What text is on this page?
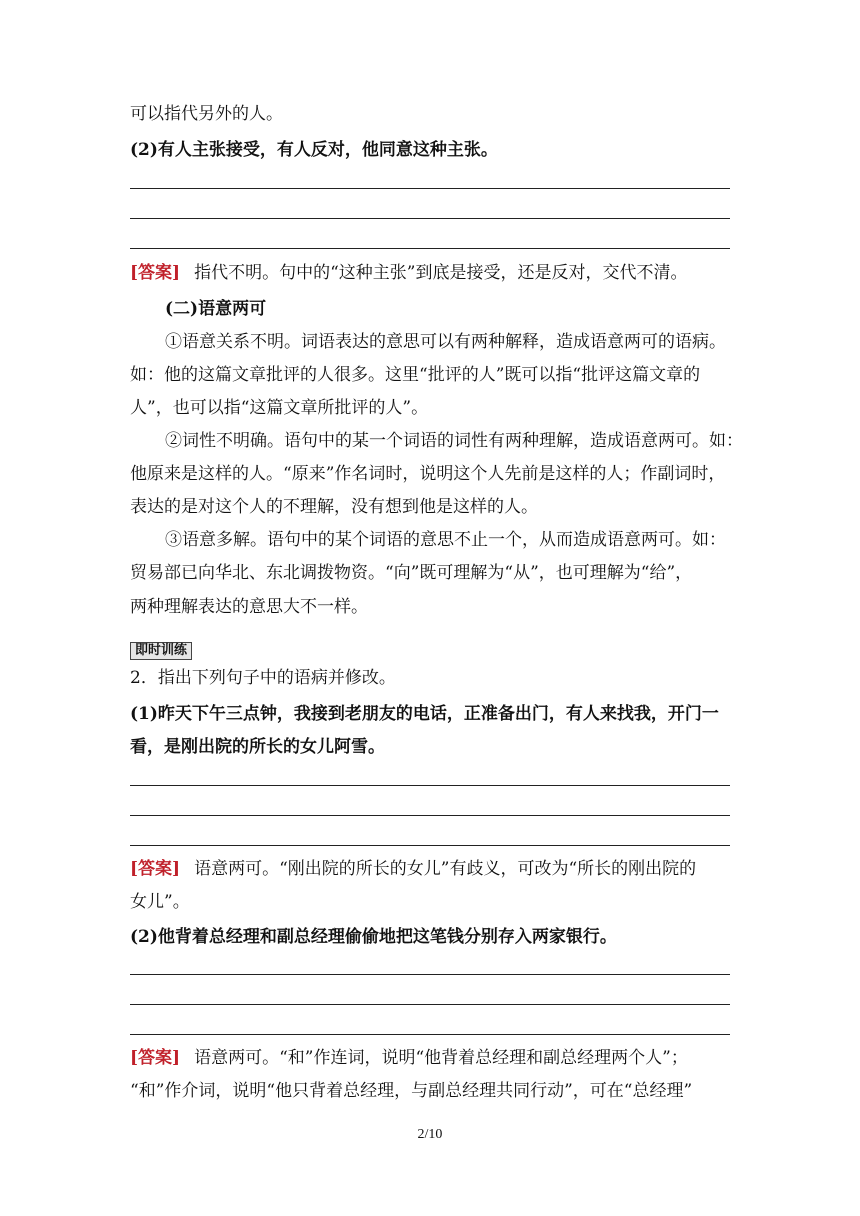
可以指代另外的人。
(2)有人主张接受，有人反对，他同意这种主张。
[答案] 指代不明。句中的“这种主张”到底是接受，还是反对，交代不清。
(二)语意两可
①语意关系不明。词语表达的意思可以有两种解释，造成语意两可的语病。
如：他的这篇文章批评的人很多。这里“批评的人”既可以指“批评这篇文章的
人”，也可以指“这篇文章所批评的人”。
②词性不明确。语句中的某一个词语的词性有两种理解，造成语意两可。如：
他原来是这样的人。“原来”作名词时，说明这个人先前是这样的人；作副词时，
表达的是对这个人的不理解，没有想到他是这样的人。
③语意多解。语句中的某个词语的意思不止一个，从而造成语意两可。如：
贸易部已向华北、东北调拨物资。“向”既可理解为“从”，也可理解为“给”，
两种理解表达的意思大不一样。
即时训练
2．指出下列句子中的语病并修改。
(1)昨天下午三点钟，我接到老朋友的电话，正准备出门，有人来找我，开门一
看，是刚出院的所长的女儿阿雪。
[答案] 语意两可。“刚出院的所长的女儿”有歧义，可改为“所长的刚出院的
女儿”。
(2)他背着总经理和副总经理偷偷地把这笔钱分别存入两家银行。
[答案] 语意两可。“和”作连词，说明“他背着总经理和副总经理两个人”；
“和”作介词，说明“他只背着总经理，与副总经理共同行动”，可在“总经理”
2/10
